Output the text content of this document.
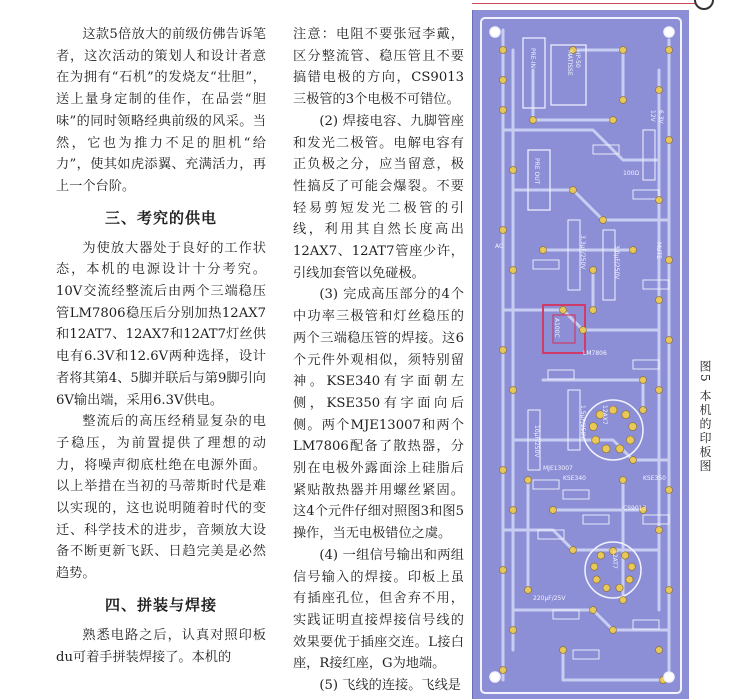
这款5倍放大的前级仿佛告诉笔者，这次活动的策划人和设计者意在为拥有“石机”的发烧友“壮胆”，送上量身定制的佳作，在品尝“胆味”的同时领略经典前级的风采。当然，它也为推力不足的胆机“给力”，使其如虎添翼、充满活力，再上一个台阶。

三、考究的供电

为使放大器处于良好的工作状态，本机的电源设计十分考究。10V交流经整流后由两个三端稳压管LM7806稳压后分别加热12AX7和12AT7、12AX7和12AT7灯丝供电有6.3V和12.6V两种选择，设计者将其第4、5脚并联后与第9脚引向6V输出端，采用6.3V供电。

整流后的高压经稍显复杂的电子稳压，为前置提供了理想的动力，将噪声彻底杜绝在电源外面。以上举措在当初的马蒂斯时代是难以实现的，这也说明随着时代的变迁、科学技术的进步，音频放大设备不断更新飞跃、日趋完美是必然趋势。

四、拼装与焊接

熟悉电路之后，认真对照印板du可着手拼装焊接了。本机的

注意：电阻不要张冠李戴，区分整流管、稳压管且不要搞错电极的方向，CS9013三极管的3个电极不可错位。

(2) 焊接电容、九脚管座和发光二极管。电解电容有正负极之分，应当留意，极性搞反了可能会爆裂。不要轻易剪短发光二极管的引线，利用其自然长度高出12AX7、12AT7管座少许，引线加套管以免碰极。

(3) 完成高压部分的4个中功率三极管和灯丝稳压的两个三端稳压管的焊接。这6个元件外观相似，须特别留神。KSE340有字面朝左侧，KSE350有字面向后侧。两个MJE13007和两个LM7806配备了散热器，分别在电极外露面涂上硅脂后紧贴散热器并用螺丝紧固。这4个元件仔细对照图3和图5操作，当无电极错位之虞。

(4) 一组信号输出和两组信号输入的焊接。印板上虽有插座孔位，但舍弃不用，实践证明直接焊接信号线的效果要优于插座交连。L接白座，R接红座，G为地端。

(5) 飞线的连接。飞线是

PRE-IN	MATISSE HP-50
PRE OUT
6.3V
12V
AC
12AX7
12AT7
3.3μF/250V	3.0μF/250V
1.5μF/250V
10μF/250V
MUTE
A100C
LM7806
100Ω
CS9013
MJE13007
KSE340	KSE350
220μF/25V
图5 本机的印板图
